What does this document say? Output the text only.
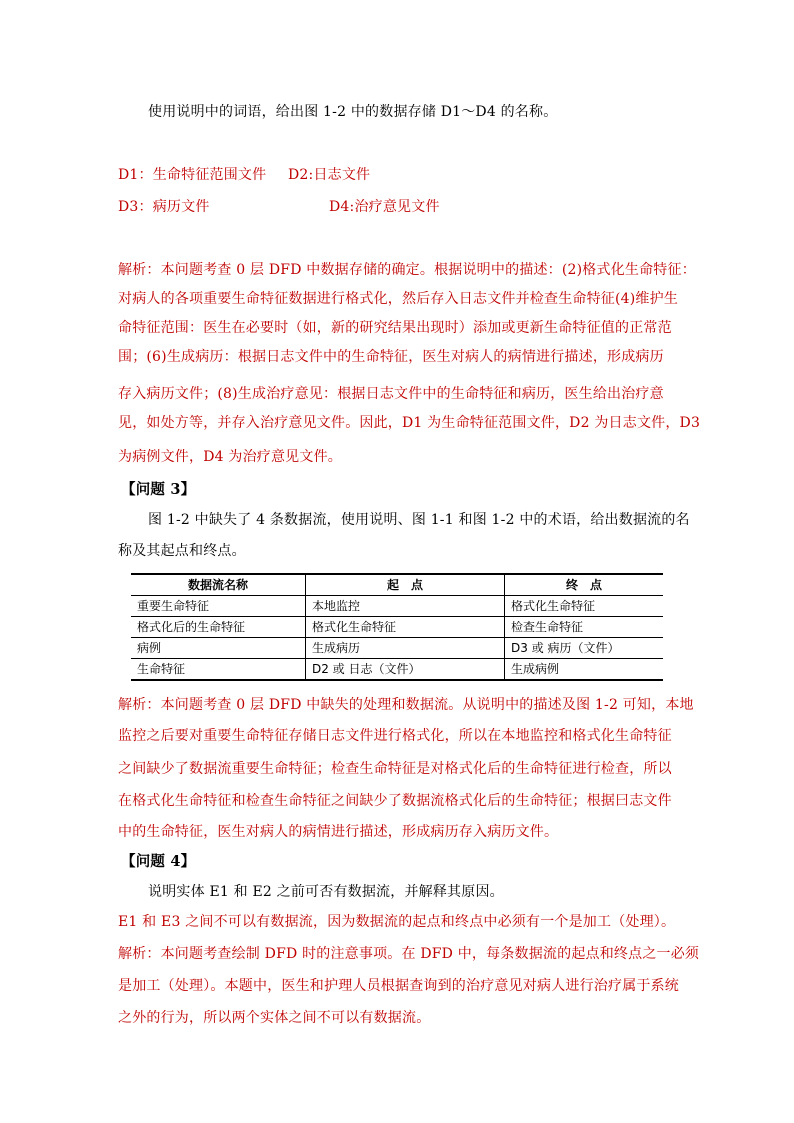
使用说明中的词语，给出图 1-2 中的数据存储 D1～D4 的名称。
D1：生命特征范围文件 D2:日志文件
D3：病历文件	D4:治疗意见文件
解析：本问题考查 0 层 DFD 中数据存储的确定。根据说明中的描述：(2)格式化生命特征：
对病人的各项重要生命特征数据进行格式化，然后存入日志文件并检查生命特征(4)维护生
命特征范围：医生在必要时（如，新的研究结果出现时）添加或更新生命特征值的正常范
围；(6)生成病历：根据日志文件中的生命特征，医生对病人的病情进行描述，形成病历
存入病历文件；(8)生成治疗意见：根据日志文件中的生命特征和病历，医生给出治疗意
见，如处方等，并存入治疗意见文件。因此，D1 为生命特征范围文件，D2 为日志文件，D3
为病例文件，D4 为治疗意见文件。
【问题 3】
图 1-2 中缺失了 4 条数据流，使用说明、图 1-1 和图 1-2 中的术语，给出数据流的名
称及其起点和终点。
数据流名称	起　点	终　点
重要生命特征	本地监控	格式化生命特征
格式化后的生命特征	格式化生命特征	检查生命特征
病例	生成病历	D3 或 病历（文件）
生命特征	D2 或 日志（文件）	生成病例
解析：本问题考查 0 层 DFD 中缺失的处理和数据流。从说明中的描述及图 1-2 可知，本地
监控之后要对重要生命特征存储日志文件进行格式化，所以在本地监控和格式化生命特征
之间缺少了数据流重要生命特征；检查生命特征是对格式化后的生命特征进行检查，所以
在格式化生命特征和检查生命特征之间缺少了数据流格式化后的生命特征；根据曰志文件
中的生命特征，医生对病人的病情进行描述，形成病历存入病历文件。
【问题 4】
说明实体 E1 和 E2 之前可否有数据流，并解释其原因。
E1 和 E3 之间不可以有数据流，因为数据流的起点和终点中必须有一个是加工（处理）。
解析：本问题考查绘制 DFD 时的注意事项。在 DFD 中，每条数据流的起点和终点之一必须
是加工（处理）。本题中，医生和护理人员根据查询到的治疗意见对病人进行治疗属于系统
之外的行为，所以两个实体之间不可以有数据流。
